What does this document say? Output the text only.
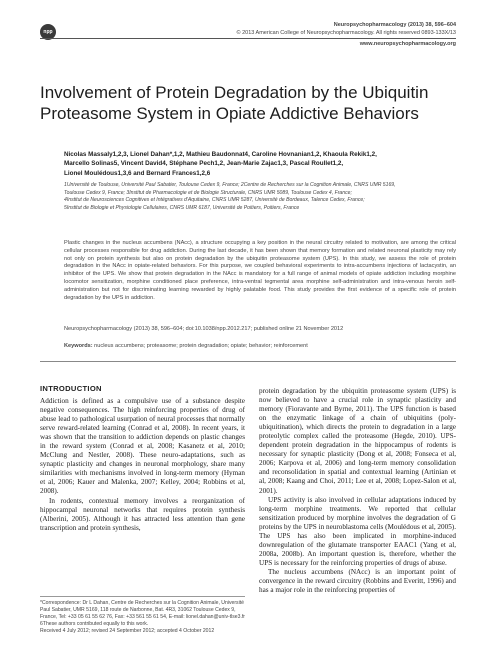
npp
Neuropsychopharmacology (2013) 38, 596–604
© 2013 American College of Neuropsychopharmacology. All rights reserved 0893-133X/13
www.neuropsychopharmacology.org
Involvement of Protein Degradation by the Ubiquitin
Proteasome System in Opiate Addictive Behaviors
Nicolas Massaly1,2,3, Lionel Dahan*,1,2, Mathieu Baudonnat4, Caroline Hovnanian1,2, Khaoula Rekik1,2,
Marcello Solinas5, Vincent David4, Stéphane Pech1,2, Jean-Marie Zajac1,3, Pascal Roullet1,2,
Lionel Moulédous1,3,6 and Bernard Frances1,2,6
1Université de Toulouse, Université Paul Sabatier, Toulouse Cedex 9, France; 2Centre de Recherches sur la Cognition Animale, CNRS UMR 5169,
Toulouse Cedex 9, France; 3Institut de Pharmacologie et de Biologie Structurale, CNRS UMR 5089, Toulouse Cedex 4, France;
4Institut de Neurosciences Cognitives et Intégratives d'Aquitaine, CNRS UMR 5287, Université de Bordeaux, Talence Cedex, France;
5Institut de Biologie et Physiologie Cellulaires, CNRS UMR 6187, Université de Poitiers, Poitiers, France
Plastic changes in the nucleus accumbens (NAcc), a structure occupying a key position in the neural circuitry related to motivation, are among the critical cellular processes responsible for drug addiction. During the last decade, it has been shown that memory formation and related neuronal plasticity may rely not only on protein synthesis but also on protein degradation by the ubiquitin proteasome system (UPS). In this study, we assess the role of protein degradation in the NAcc in opiate-related behaviors. For this purpose, we coupled behavioral experiments to intra-accumbens injections of lactacystin, an inhibitor of the UPS. We show that protein degradation in the NAcc is mandatory for a full range of animal models of opiate addiction including morphine locomotor sensitization, morphine conditioned place preference, intra-ventral tegmental area morphine self-administration and intra-venous heroin self-administration but not for discriminating learning rewarded by highly palatable food. This study provides the first evidence of a specific role of protein degradation by the UPS in addiction.
Neuropsychopharmacology (2013) 38, 596–604; doi:10.1038/npp.2012.217; published online 21 November 2012
Keywords: nucleus accumbens; proteasome; protein degradation; opiate; behavior; reinforcement
INTRODUCTION

Addiction is defined as a compulsive use of a substance despite negative consequences. The high reinforcing properties of drug of abuse lead to pathological usurpation of neural processes that normally serve reward-related learning (Conrad et al, 2008). In recent years, it was shown that the transition to addiction depends on plastic changes in the reward system (Conrad et al, 2008; Kasanetz et al, 2010; McClung and Nestler, 2008). These neuro-adaptations, such as synaptic plasticity and changes in neuronal morphology, share many similarities with mechanisms involved in long-term memory (Hyman et al, 2006; Kauer and Malenka, 2007; Kelley, 2004; Robbins et al, 2008).

In rodents, contextual memory involves a reorganization of hippocampal neuronal networks that requires protein synthesis (Alberini, 2005). Although it has attracted less attention than gene transcription and protein synthesis,

*Correspondence: Dr L Dahan, Centre de Recherches sur la Cognition Animale, Université Paul Sabatier, UMR 5169, 118 route de Narbonne, Bat. 4R3, 31062 Toulouse Cedex 9, France, Tel: +33 05 61 55 62 76, Fax: +33 561 55 61 54, E-mail: lionel.dahan@univ-tlse3.fr
6These authors contributed equally to this work.
Received 4 July 2012; revised 24 September 2012; accepted 4 October 2012

protein degradation by the ubiquitin proteasome system (UPS) is now believed to have a crucial role in synaptic plasticity and memory (Fioravante and Byrne, 2011). The UPS function is based on the enzymatic linkage of a chain of ubiquitins (poly-ubiquitination), which directs the protein to degradation in a large proteolytic complex called the proteasome (Hegde, 2010). UPS-dependent protein degradation in the hippocampus of rodents is necessary for synaptic plasticity (Dong et al, 2008; Fonseca et al, 2006; Karpova et al, 2006) and long-term memory consolidation and reconsolidation in spatial and contextual learning (Artinian et al, 2008; Kaang and Choi, 2011; Lee et al, 2008; Lopez-Salon et al, 2001).

UPS activity is also involved in cellular adaptations induced by long-term morphine treatments. We reported that cellular sensitization produced by morphine involves the degradation of G proteins by the UPS in neuroblastoma cells (Moulédous et al, 2005). The UPS has also been implicated in morphine-induced downregulation of the glutamate transporter EAAC1 (Yang et al, 2008a, 2008b). An important question is, therefore, whether the UPS is necessary for the reinforcing properties of drugs of abuse.

The nucleus accumbens (NAcc) is an important point of convergence in the reward circuitry (Robbins and Everitt, 1996) and has a major role in the reinforcing properties of
